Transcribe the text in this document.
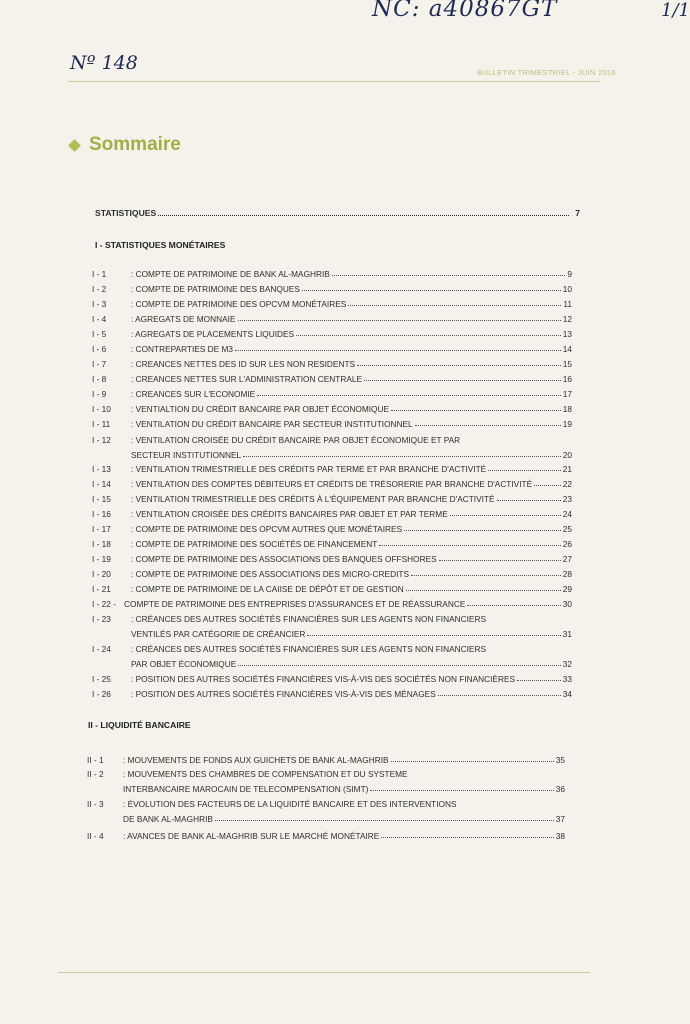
NC: a40867GT	1/1
Nº 148	BULLETIN TRIMESTRIEL - JUIN 2016
Sommaire
STATISTIQUES	7
I - STATISTIQUES MONÉTAIRES
II - LIQUIDITÉ BANCAIRE
I - 1	: COMPTE DE PATRIMOINE DE BANK AL-MAGHRIB	9
I - 2	: COMPTE DE PATRIMOINE DES BANQUES	10
I - 3	: COMPTE DE PATRIMOINE DES OPCVM MONÉTAIRES	11
I - 4	: AGREGATS DE MONNAIE	12
I - 5	: AGREGATS DE PLACEMENTS LIQUIDES	13
I - 6	: CONTREPARTIES DE M3	14
I - 7	: CREANCES NETTES DES ID SUR LES NON RESIDENTS	15
I - 8	: CREANCES NETTES SUR L'ADMINISTRATION CENTRALE	16
I - 9	: CREANCES SUR L'ECONOMIE	17
I - 10 : VENTIALTION DU CRÉDIT BANCAIRE PAR OBJET ÉCONOMIQUE	18
I - 11 : VENTILATION DU CRÉDIT BANCAIRE PAR SECTEUR INSTITUTIONNEL	19
I - 12 : VENTILATION CROISÉE DU CRÉDIT BANCAIRE PAR OBJET ÉCONOMIQUE ET PAR
SECTEUR INSTITUTIONNEL	20
I - 13 : VENTILATION TRIMESTRIELLE DES CRÉDITS PAR TERME ET PAR BRANCHE D'ACTIVITÉ	21
I - 14 : VENTILATION DES COMPTES DÉBITEURS ET CRÉDITS DE TRÉSORERIE PAR BRANCHE D'ACTIVITÉ	22
I - 15 : VENTILATION TRIMESTRIELLE DES CRÉDITS À L'ÉQUIPEMENT PAR BRANCHE D'ACTIVITÉ	23
I - 16 : VENTILATION CROISÉE DES CRÉDITS BANCAIRES PAR OBJET ET PAR TERME	24
I - 17 : COMPTE DE PATRIMOINE DES OPCVM AUTRES QUE MONÉTAIRES	25
I - 18 : COMPTE DE PATRIMOINE DES SOCIÉTÉS DE FINANCEMENT	26
I - 19 : COMPTE DE PATRIMOINE DES ASSOCIATIONS DES BANQUES OFFSHORES	27
I - 20 : COMPTE DE PATRIMOINE DES ASSOCIATIONS DES MICRO-CREDITS	28
I - 21 : COMPTE DE PATRIMOINE DE LA CAIISE DE DÉPÔT ET DE GESTION	29
I - 22 - COMPTE DE PATRIMOINE DES ENTREPRISES D'ASSURANCES ET DE RÉASSURANCE	30
I - 23 : CRÉANCES DES AUTRES SOCIÉTÉS FINANCIÈRES SUR LES AGENTS NON FINANCIERS
VENTILÉS PAR CATÉGORIE DE CRÉANCIER	31
I - 24 : CRÉANCES DES AUTRES SOCIÉTÉS FINANCIÈRES SUR LES AGENTS NON FINANCIERS
PAR OBJET ÉCONOMIQUE	32
I - 25 : POSITION DES AUTRES SOCIÉTÉS FINANCIÈRES VIS-À-VIS DES SOCIÉTÉS NON FINANCIÈRES	33
I - 26 : POSITION DES AUTRES SOCIÉTÉS FINANCIÈRES VIS-À-VIS DES MÉNAGES	34
II - 1 : MOUVEMENTS DE FONDS AUX GUICHETS DE BANK AL-MAGHRIB	35
II - 2 : MOUVEMENTS DES CHAMBRES DE COMPENSATION ET DU SYSTEME
INTERBANCAIRE MAROCAIN DE TELECOMPENSATION (SIMT)	36
II - 3 : ÉVOLUTION DES FACTEURS DE LA LIQUIDITÉ BANCAIRE ET DES INTERVENTIONS
DE BANK AL-MAGHRIB	37
II - 4 : AVANCES DE BANK AL-MAGHRIB SUR LE MARCHÉ MONÉTAIRE	38
